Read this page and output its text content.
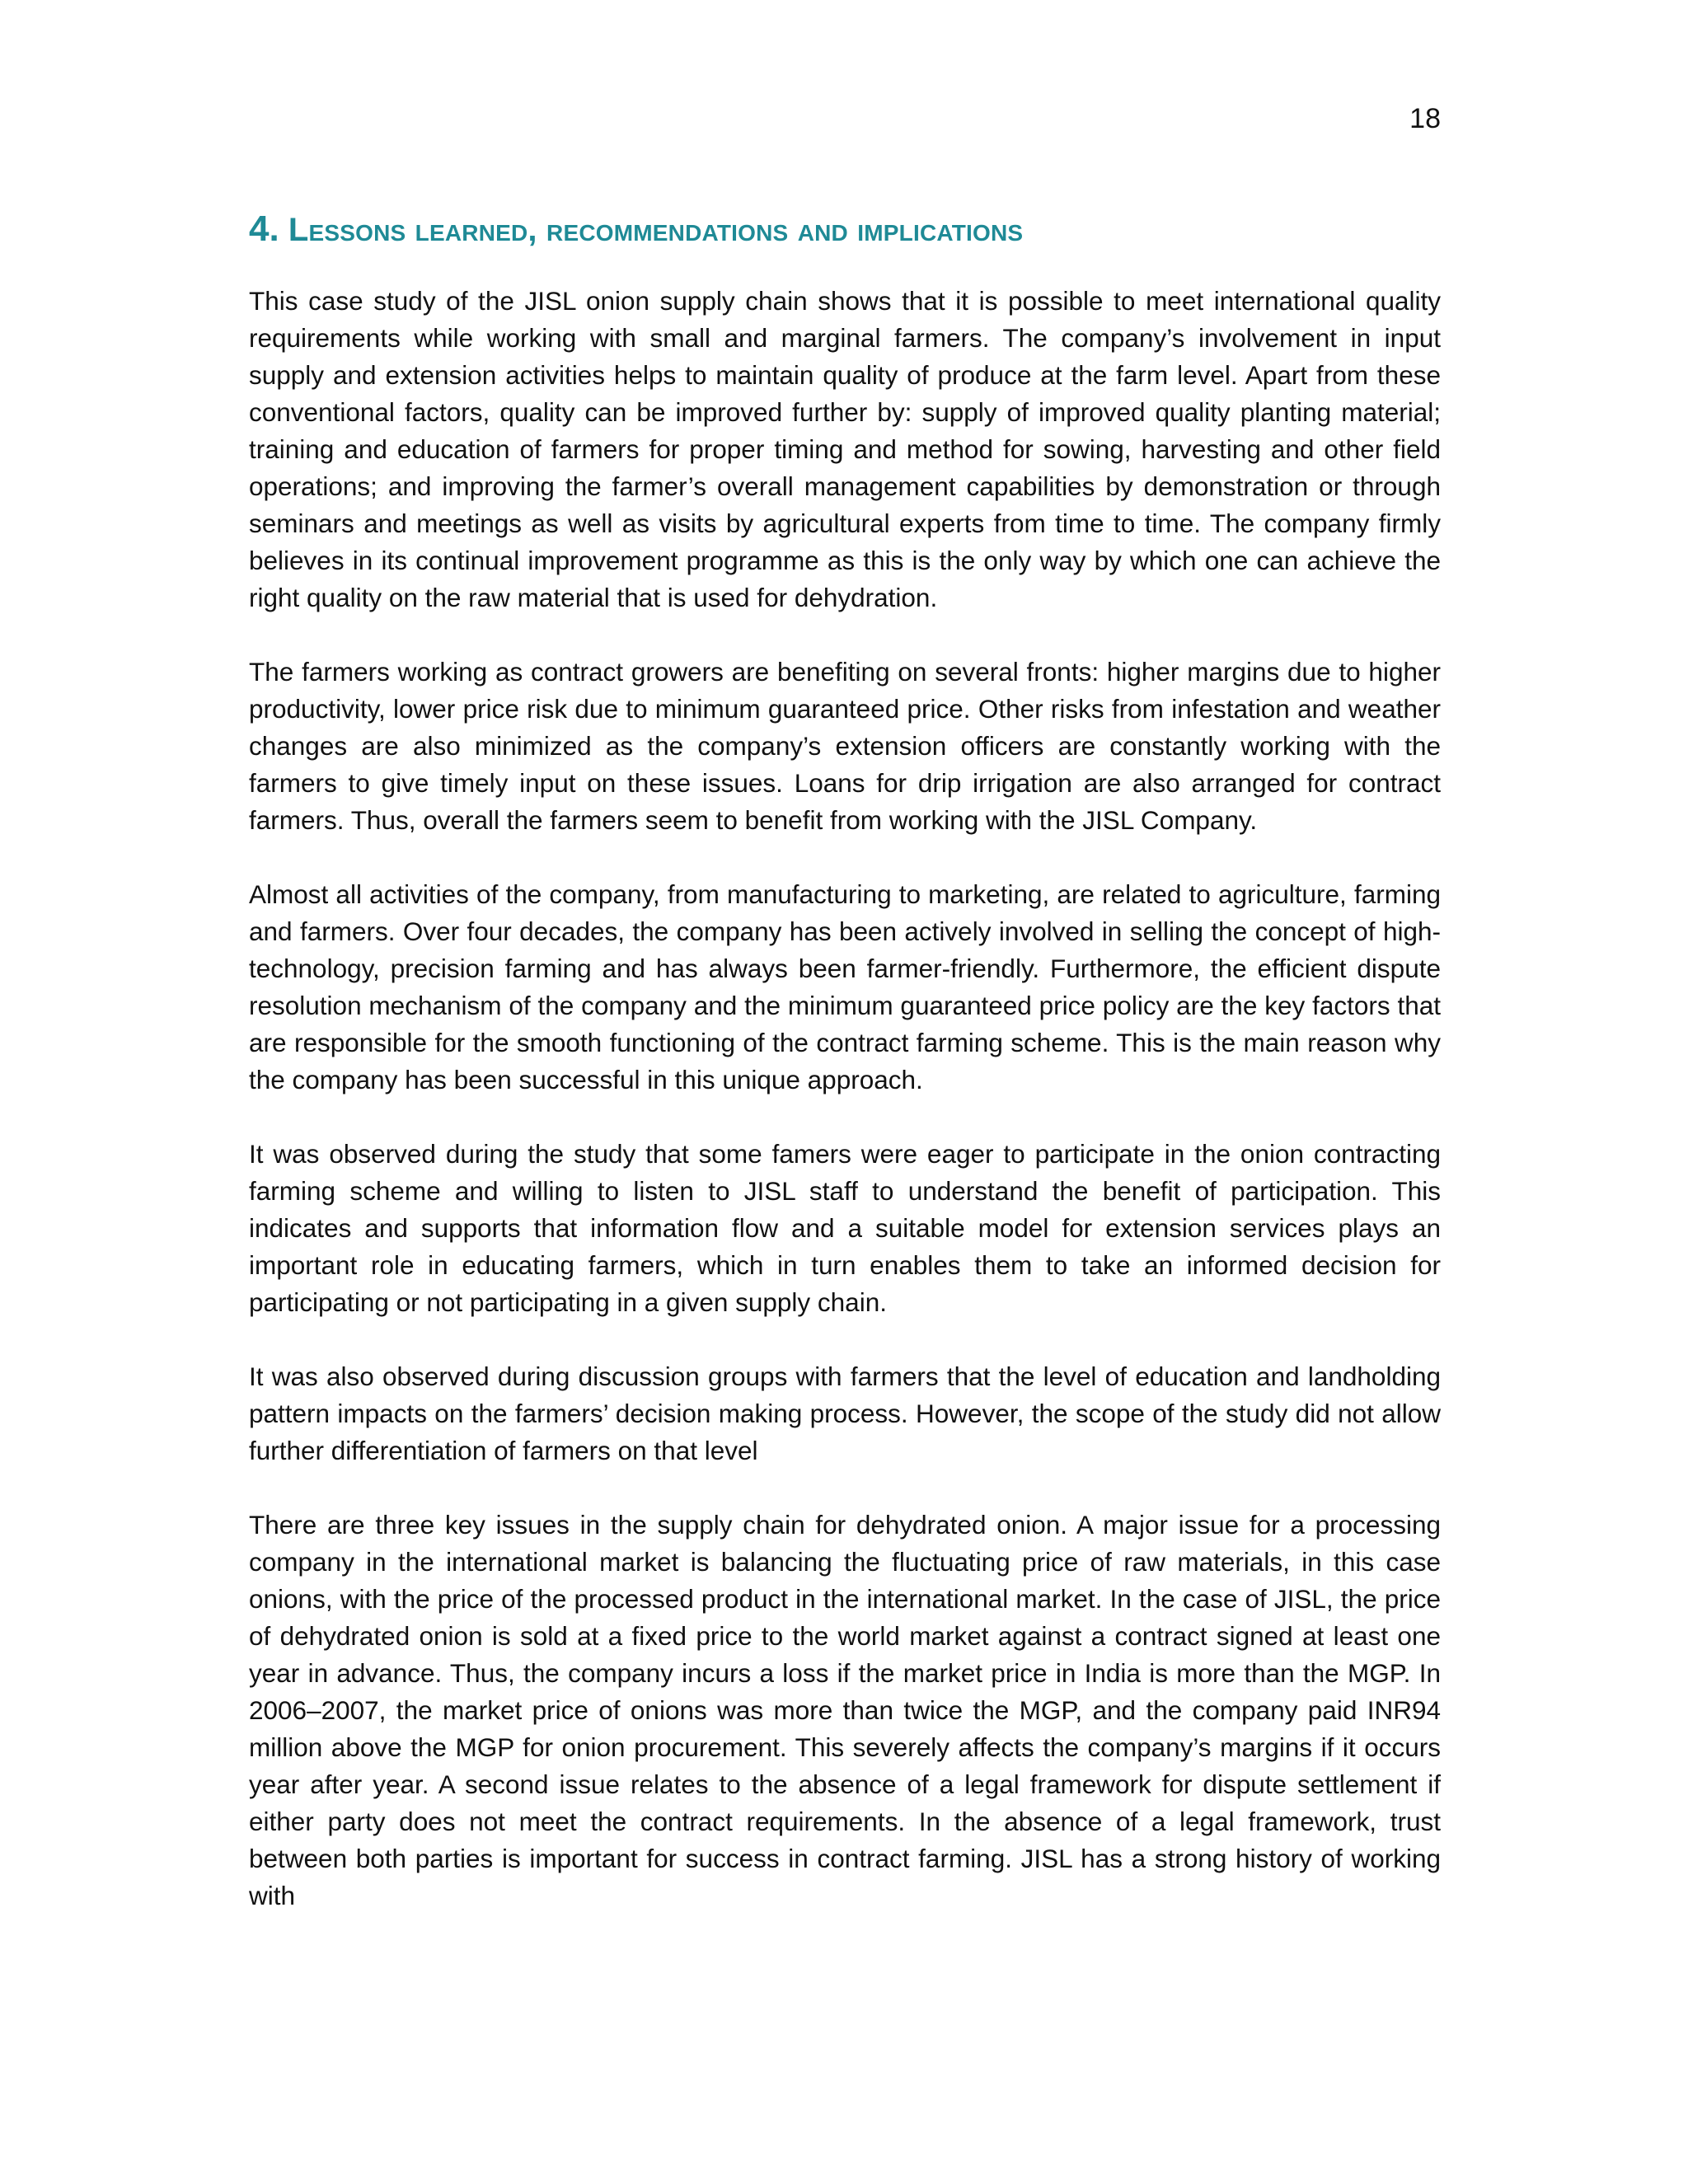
18
4. Lessons learned, recommendations and implications

This case study of the JISL onion supply chain shows that it is possible to meet international quality requirements while working with small and marginal farmers. The company’s involvement in input supply and extension activities helps to maintain quality of produce at the farm level. Apart from these conventional factors, quality can be improved further by: supply of improved quality planting material; training and education of farmers for proper timing and method for sowing, harvesting and other field operations; and improving the farmer’s overall management capabilities by demonstration or through seminars and meetings as well as visits by agricultural experts from time to time. The company firmly believes in its continual improvement programme as this is the only way by which one can achieve the right quality on the raw material that is used for dehydration.

The farmers working as contract growers are benefiting on several fronts: higher margins due to higher productivity, lower price risk due to minimum guaranteed price. Other risks from infestation and weather changes are also minimized as the company’s extension officers are constantly working with the farmers to give timely input on these issues. Loans for drip irrigation are also arranged for contract farmers. Thus, overall the farmers seem to benefit from working with the JISL Company.

Almost all activities of the company, from manufacturing to marketing, are related to agriculture, farming and farmers. Over four decades, the company has been actively involved in selling the concept of high-technology, precision farming and has always been farmer-friendly. Furthermore, the efficient dispute resolution mechanism of the company and the minimum guaranteed price policy are the key factors that are responsible for the smooth functioning of the contract farming scheme. This is the main reason why the company has been successful in this unique approach.

It was observed during the study that some famers were eager to participate in the onion contracting farming scheme and willing to listen to JISL staff to understand the benefit of participation. This indicates and supports that information flow and a suitable model for extension services plays an important role in educating farmers, which in turn enables them to take an informed decision for participating or not participating in a given supply chain.

It was also observed during discussion groups with farmers that the level of education and landholding pattern impacts on the farmers’ decision making process. However, the scope of the study did not allow further differentiation of farmers on that level

There are three key issues in the supply chain for dehydrated onion. A major issue for a processing company in the international market is balancing the fluctuating price of raw materials, in this case onions, with the price of the processed product in the international market. In the case of JISL, the price of dehydrated onion is sold at a fixed price to the world market against a contract signed at least one year in advance. Thus, the company incurs a loss if the market price in India is more than the MGP. In 2006–2007, the market price of onions was more than twice the MGP, and the company paid INR94 million above the MGP for onion procurement. This severely affects the company’s margins if it occurs year after year. A second issue relates to the absence of a legal framework for dispute settlement if either party does not meet the contract requirements. In the absence of a legal framework, trust between both parties is important for success in contract farming. JISL has a strong history of working with
